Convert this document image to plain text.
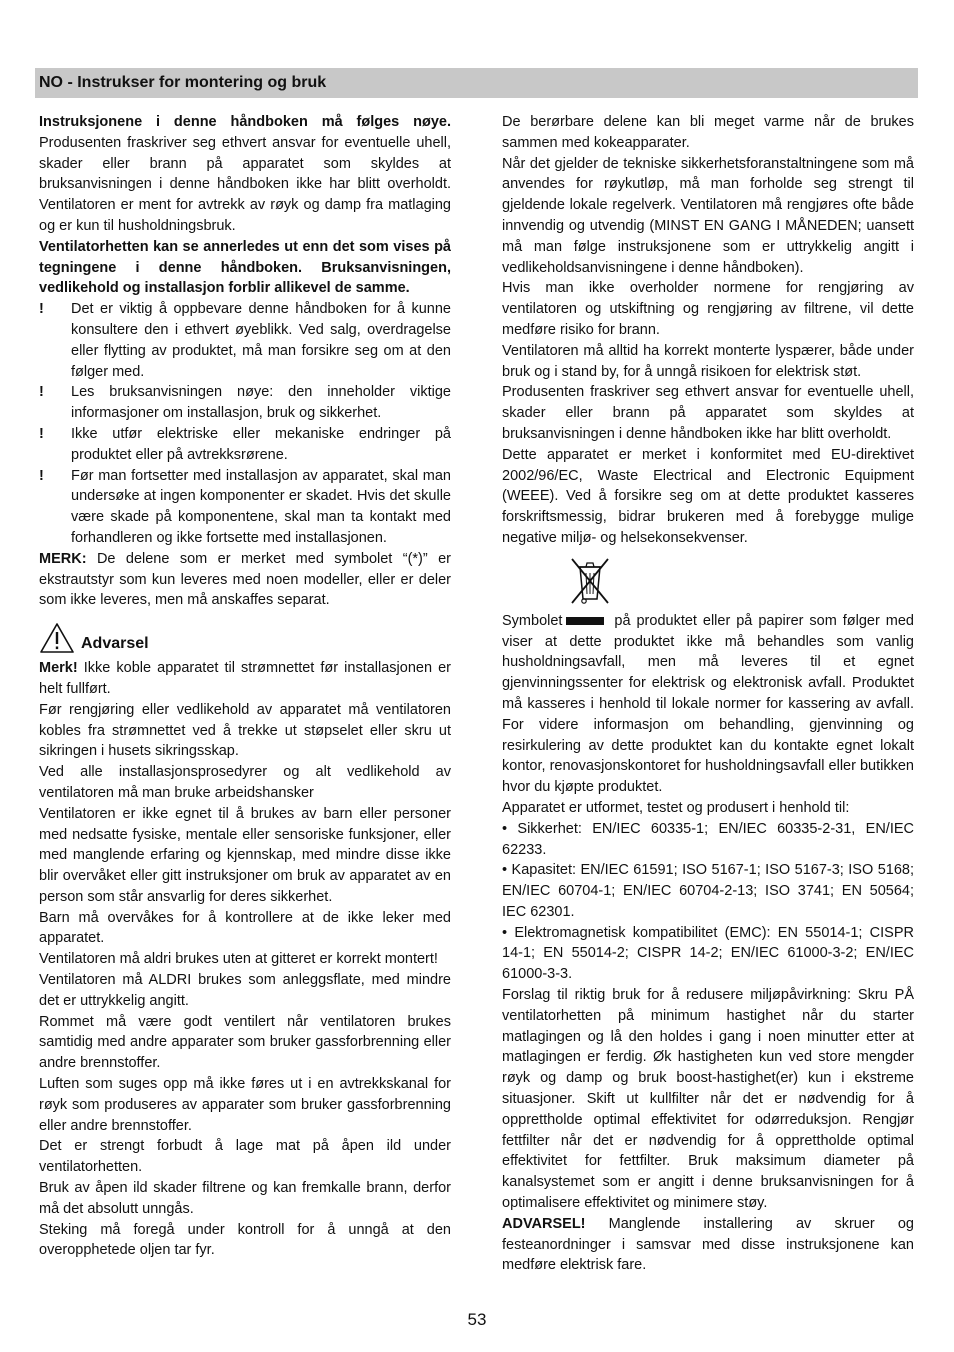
NO - Instrukser for montering og bruk

Instruksjonene i denne håndboken må følges nøye. Produsenten fraskriver seg ethvert ansvar for eventuelle uhell, skader eller brann på apparatet som skyldes at bruksanvisningen i denne håndboken ikke har blitt overholdt. Ventilatoren er ment for avtrekk av røyk og damp fra matlaging og er kun til husholdningsbruk.

Ventilatorhetten kan se annerledes ut enn det som vises på tegningene i denne håndboken. Bruksanvisningen, vedlikehold og installasjon forblir allikevel de samme.

!	Det er viktig å oppbevare denne håndboken for å kunne konsultere den i ethvert øyeblikk. Ved salg, overdragelse eller flytting av produktet, må man forsikre seg om at den følger med.
!	Les bruksanvisningen nøye: den inneholder viktige informasjoner om installasjon, bruk og sikkerhet.
!	Ikke utfør elektriske eller mekaniske endringer på produktet eller på avtrekksrørene.
!	Før man fortsetter med installasjon av apparatet, skal man undersøke at ingen komponenter er skadet. Hvis det skulle være skade på komponentene, skal man ta kontakt med forhandleren og ikke fortsette med installasjonen.

MERK: De delene som er merket med symbolet “(*)” er ekstrautstyr som kun leveres med noen modeller, eller er deler som ikke leveres, men må anskaffes separat.

Advarsel

Merk! Ikke koble apparatet til strømnettet før installasjonen er helt fullført.

Før rengjøring eller vedlikehold av apparatet må ventilatoren kobles fra strømnettet ved å trekke ut støpselet eller skru ut sikringen i husets sikringsskap.

Ved alle installasjonsprosedyrer og alt vedlikehold av ventilatoren må man bruke arbeidshansker

Ventilatoren er ikke egnet til å brukes av barn eller personer med nedsatte fysiske, mentale eller sensoriske funksjoner, eller med manglende erfaring og kjennskap, med mindre disse ikke blir overvåket eller gitt instruksjoner om bruk av apparatet av en person som står ansvarlig for deres sikkerhet.

Barn må overvåkes for å kontrollere at de ikke leker med apparatet.

Ventilatoren må aldri brukes uten at gitteret er korrekt montert!

Ventilatoren må ALDRI brukes som anleggsflate, med mindre det er uttrykkelig angitt.

Rommet må være godt ventilert når ventilatoren brukes samtidig med andre apparater som bruker gassforbrenning eller andre brennstoffer.

Luften som suges opp må ikke føres ut i en avtrekkskanal for røyk som produseres av apparater som bruker gassforbrenning eller andre brennstoffer.

Det er strengt forbudt å lage mat på åpen ild under ventilatorhetten.

Bruk av åpen ild skader filtrene og kan fremkalle brann, derfor må det absolutt unngås.

Steking må foregå under kontroll for å unngå at den overopphetede oljen tar fyr.

De berørbare delene kan bli meget varme når de brukes sammen med kokeapparater.

Når det gjelder de tekniske sikkerhetsforanstaltningene som må anvendes for røykutløp, må man forholde seg strengt til gjeldende lokale regelverk. Ventilatoren må rengjøres ofte både innvendig og utvendig (MINST EN GANG I MÅNEDEN; uansett må man følge instruksjonene som er uttrykkelig angitt i vedlikeholdsanvisningene i denne håndboken).

Hvis man ikke overholder normene for rengjøring av ventilatoren og utskiftning og rengjøring av filtrene, vil dette medføre risiko for brann.

Ventilatoren må alltid ha korrekt monterte lyspærer, både under bruk og i stand by, for å unngå risikoen for elektrisk støt.

Produsenten fraskriver seg ethvert ansvar for eventuelle uhell, skader eller brann på apparatet som skyldes at bruksanvisningen i denne håndboken ikke har blitt overholdt.

Dette apparatet er merket i konformitet med EU-direktivet 2002/96/EC, Waste Electrical and Electronic Equipment (WEEE). Ved å forsikre seg om at dette produktet kasseres forskriftsmessig, bidrar brukeren med å forebygge mulige negative miljø- og helsekonsekvenser.

Symbolet	på produktet eller på papirer som følger med viser at dette produktet ikke må behandles som vanlig husholdningsavfall, men må leveres til et egnet gjenvinningssenter for elektrisk og elektronisk avfall. Produktet må kasseres i henhold til lokale normer for kassering av avfall. For videre informasjon om behandling, gjenvinning og resirkulering av dette produktet kan du kontakte egnet lokalt kontor, renovasjonskontoret for husholdningsavfall eller butikken hvor du kjøpte produktet.

Apparatet er utformet, testet og produsert i henhold til:

• Sikkerhet: EN/IEC 60335-1; EN/IEC 60335-2-31, EN/IEC 62233.

• Kapasitet: EN/IEC 61591; ISO 5167-1; ISO 5167-3; ISO 5168; EN/IEC 60704-1; EN/IEC 60704-2-13; ISO 3741; EN 50564; IEC 62301.

• Elektromagnetisk kompatibilitet (EMC): EN 55014-1; CISPR 14-1; EN 55014-2; CISPR 14-2; EN/IEC 61000-3-2; EN/IEC 61000-3-3.

Forslag til riktig bruk for å redusere miljøpåvirkning: Skru PÅ ventilatorhetten på minimum hastighet når du starter matlagingen og lå den holdes i gang i noen minutter etter at matlagingen er ferdig. Øk hastigheten kun ved store mengder røyk og damp og bruk boost-hastighet(er) kun i ekstreme situasjoner. Skift ut kullfilter når det er nødvendig for å opprettholde optimal effektivitet for odørreduksjon. Rengjør fettfilter når det er nødvendig for å opprettholde optimal effektivitet for fettfilter. Bruk maksimum diameter på kanalsystemet som er angitt i denne bruksanvisningen for å optimalisere effektivitet og minimere støy.

ADVARSEL! Manglende installering av skruer og festeanordninger i samsvar med disse instruksjonene kan medføre elektrisk fare.

53
